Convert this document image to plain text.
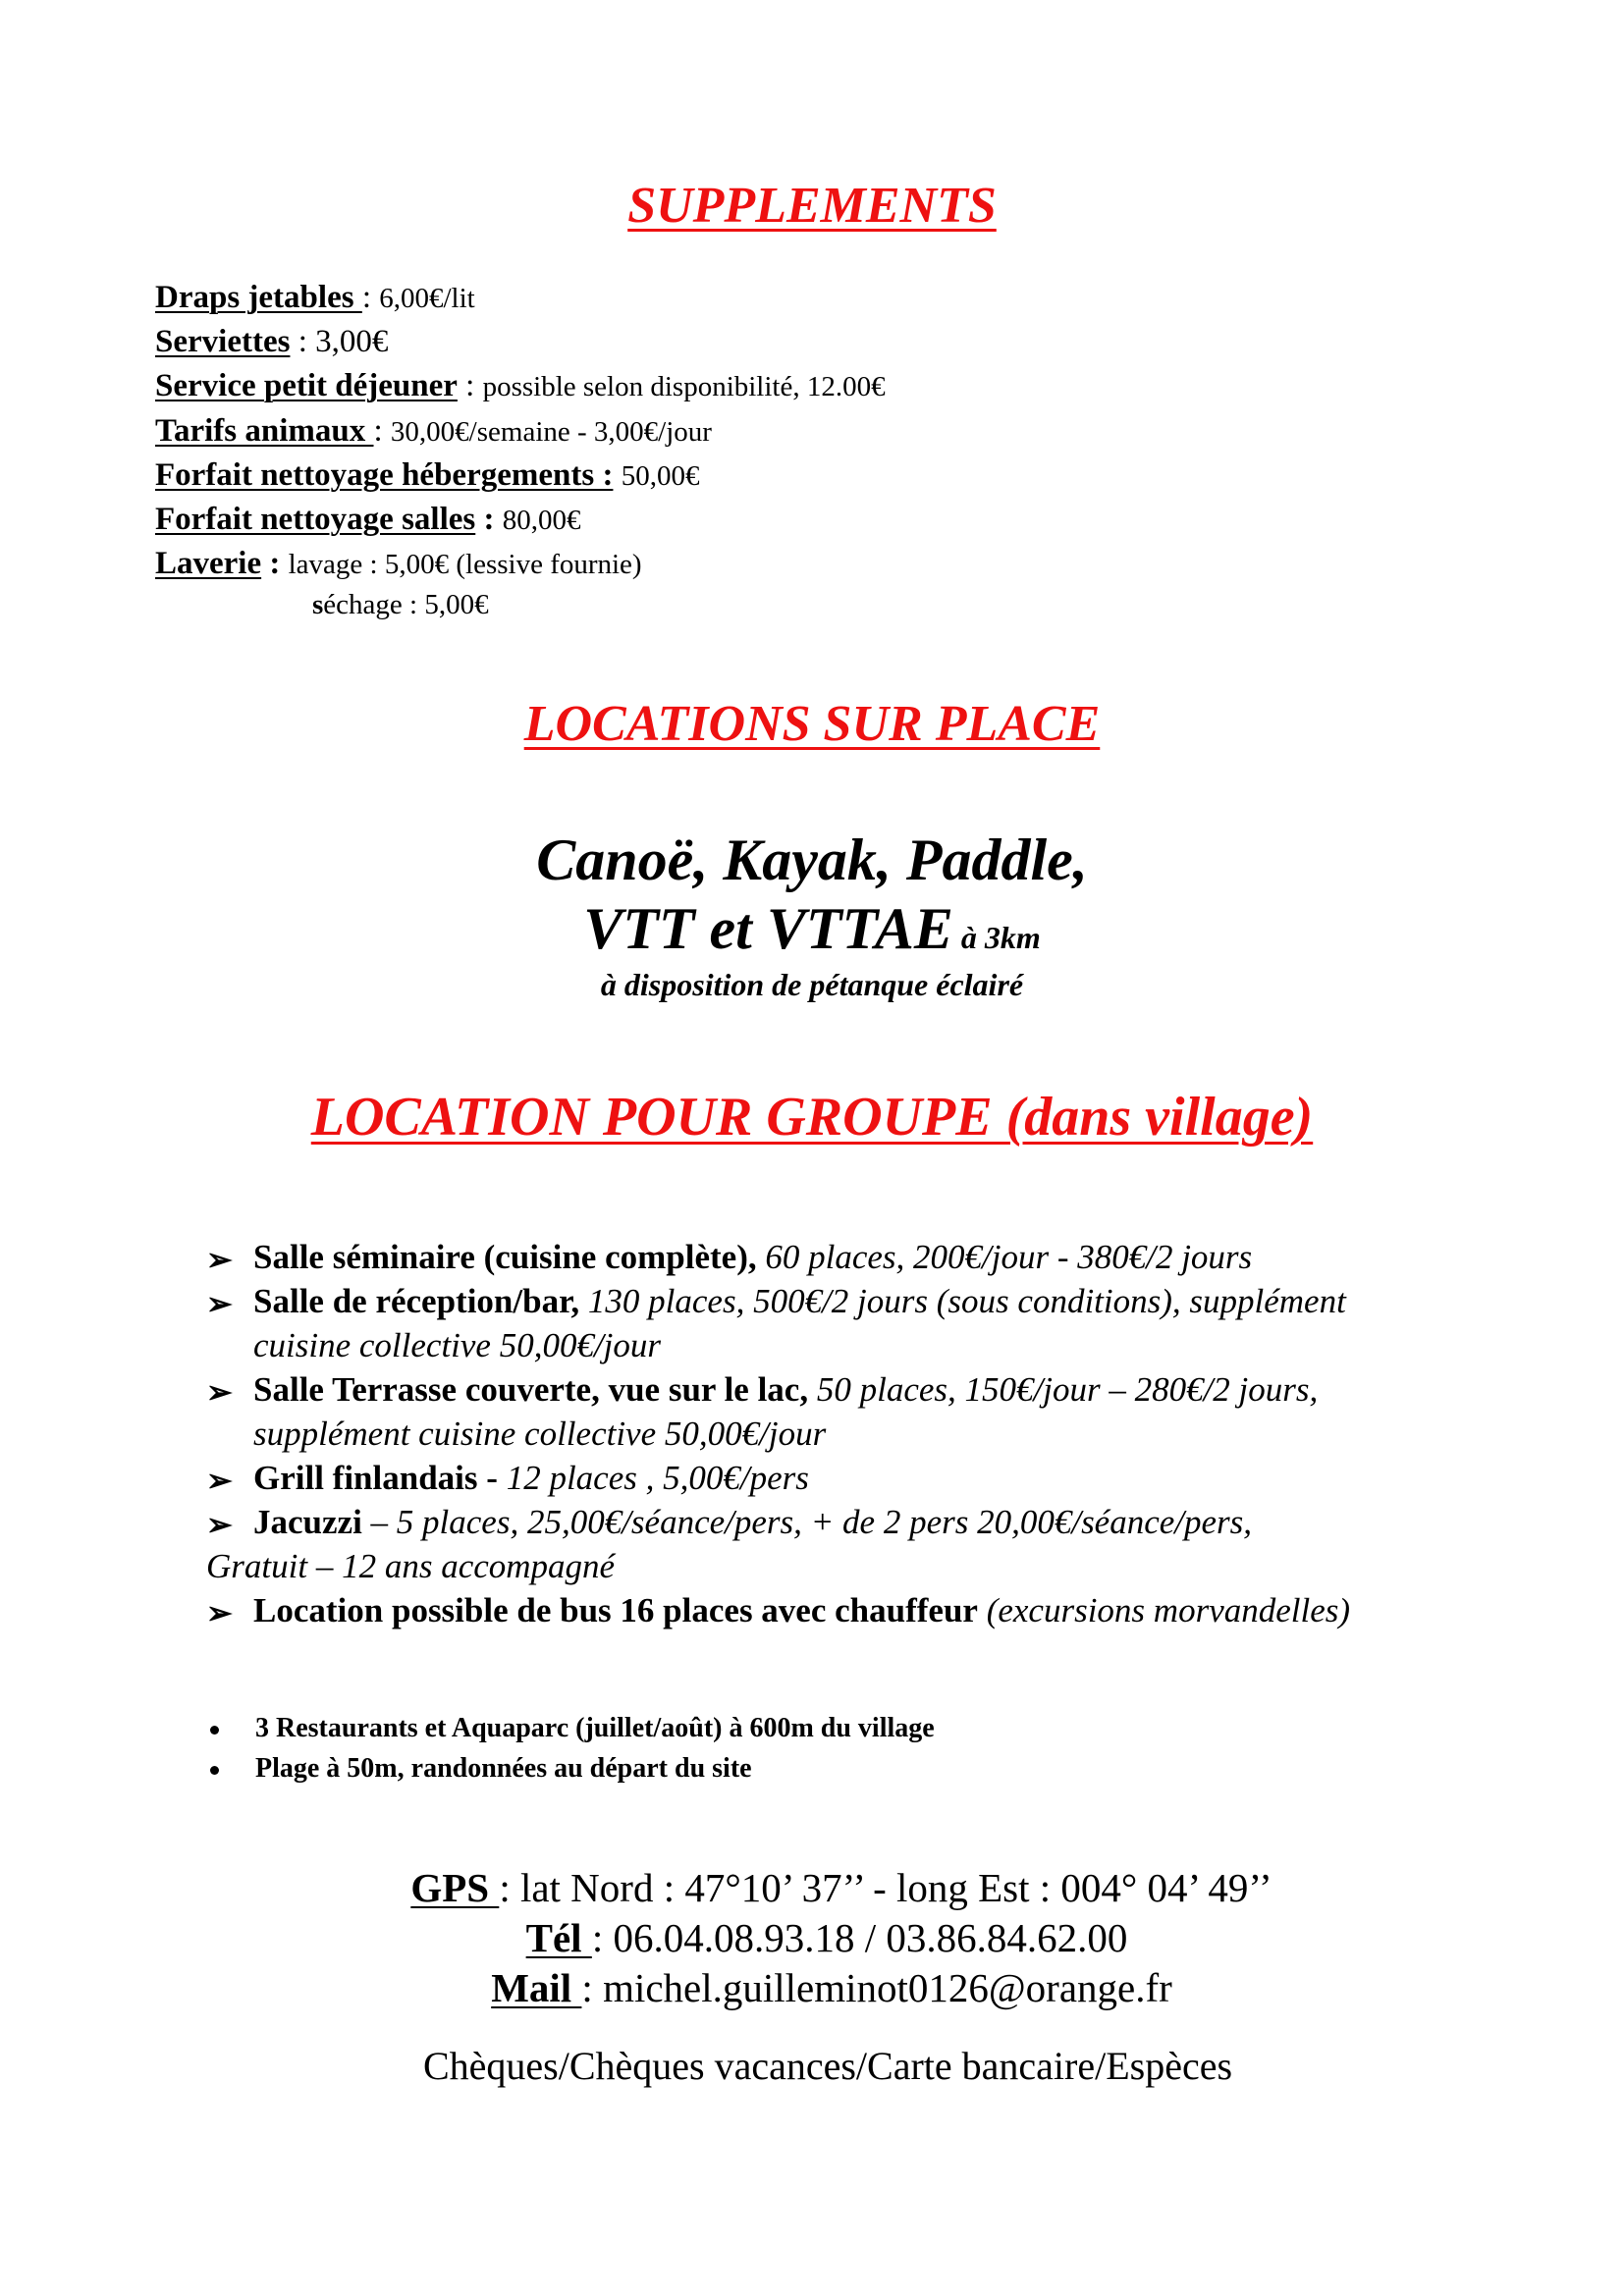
SUPPLEMENTS
Draps jetables : 6,00€/lit
Serviettes : 3,00€
Service petit déjeuner : possible selon disponibilité, 12.00€
Tarifs animaux : 30,00€/semaine - 3,00€/jour
Forfait nettoyage hébergements : 50,00€
Forfait nettoyage salles : 80,00€
Laverie : lavage : 5,00€ (lessive fournie)
séchage : 5,00€
LOCATIONS SUR PLACE
Canoë, Kayak, Paddle,
VTT et VTTAE à 3km
à disposition de pétanque éclairé
LOCATION POUR GROUPE (dans village)
➢ Salle séminaire (cuisine complète), 60 places, 200€/jour - 380€/2 jours
➢ Salle de réception/bar, 130 places, 500€/2 jours (sous conditions), supplément
cuisine collective 50,00€/jour
➢ Salle Terrasse couverte, vue sur le lac, 50 places, 150€/jour – 280€/2 jours,
supplément cuisine collective 50,00€/jour
➢ Grill finlandais - 12 places , 5,00€/pers
➢ Jacuzzi – 5 places, 25,00€/séance/pers, + de 2 pers 20,00€/séance/pers,
Gratuit – 12 ans accompagné
➢ Location possible de bus 16 places avec chauffeur (excursions morvandelles)
3 Restaurants et Aquaparc (juillet/août) à 600m du village
Plage à 50m, randonnées au départ du site
GPS : lat Nord : 47°10’ 37’’ - long Est : 004° 04’ 49’’
Tél : 06.04.08.93.18 / 03.86.84.62.00
Mail : michel.guilleminot0126@orange.fr
Chèques/Chèques vacances/Carte bancaire/Espèces
